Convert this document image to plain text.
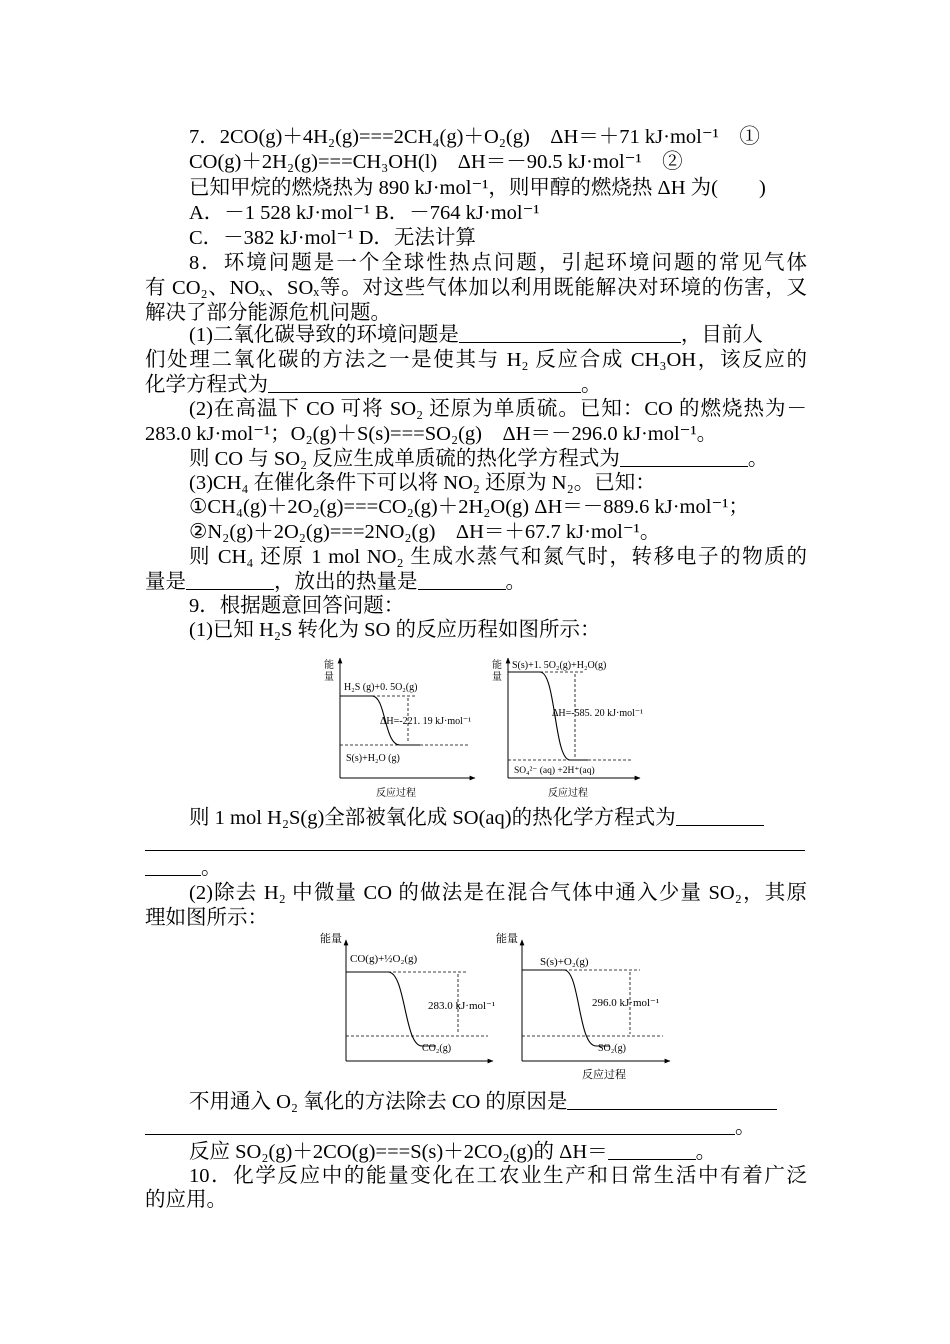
7．2CO(g)＋4H₂(g)===2CH₄(g)＋O₂(g)　ΔH＝＋71 kJ·mol⁻¹　①
CO(g)＋2H₂(g)===CH₃OH(l)　ΔH＝－90.5 kJ·mol⁻¹　②
已知甲烷的燃烧热为 890 kJ·mol⁻¹，则甲醇的燃烧热 ΔH 为(　　)
A．－1 528 kJ·mol⁻¹ B．－764 kJ·mol⁻¹
C．－382 kJ·mol⁻¹ D．无法计算
8．环境问题是一个全球性热点问题，引起环境问题的常见气体
有 CO₂、NOₓ、SOₓ等。对这些气体加以利用既能解决对环境的伤害，又
解决了部分能源危机问题。
(1)二氧化碳导致的环境问题是	，目前人
们处理二氧化碳的方法之一是使其与 H₂ 反应合成 CH₃OH，该反应的
化学方程式为	。
(2)在高温下 CO 可将 SO₂ 还原为单质硫。已知：CO 的燃烧热为－
283.0 kJ·mol⁻¹；O₂(g)＋S(s)===SO₂(g)　ΔH＝－296.0 kJ·mol⁻¹。
则 CO 与 SO₂ 反应生成单质硫的热化学方程式为	。
(3)CH₄ 在催化条件下可以将 NO₂ 还原为 N₂。已知：
①CH₄(g)＋2O₂(g)===CO₂(g)＋2H₂O(g) ΔH＝－889.6 kJ·mol⁻¹；
②N₂(g)＋2O₂(g)===2NO₂(g)　ΔH＝＋67.7 kJ·mol⁻¹。
则 CH₄ 还原 1 mol NO₂ 生成水蒸气和氮气时，转移电子的物质的
量是	，放出的热量是	。
9．根据题意回答问题：
(1)已知 H₂S 转化为 SO 的反应历程如图所示：
能
量
H₂S (g)+0. 5O₂(g)
ΔH=-221. 19 kJ·mol⁻¹
S(s)+H₂O (g)
反应过程
能
量
S(s)+1. 5O₂(g)+H₂O(g)
ΔH=-585. 20 kJ·mol⁻¹
SO₄²⁻ (aq) +2H⁺(aq)
反应过程
则 1 mol H₂S(g)全部被氧化成 SO(aq)的热化学方程式为
。
(2)除去 H₂ 中微量 CO 的做法是在混合气体中通入少量 SO₂，其原
理如图所示：
能量
CO(g)+½O₂(g)
283.0 kJ·mol⁻¹
CO₂(g)
能量
S(s)+O₂(g)
296.0 kJ·mol⁻¹
SO₂(g)
反应过程
不用通入 O₂ 氧化的方法除去 CO 的原因是
。
反应 SO₂(g)＋2CO(g)===S(s)＋2CO₂(g)的 ΔH＝	。
10．化学反应中的能量变化在工农业生产和日常生活中有着广泛
的应用。
